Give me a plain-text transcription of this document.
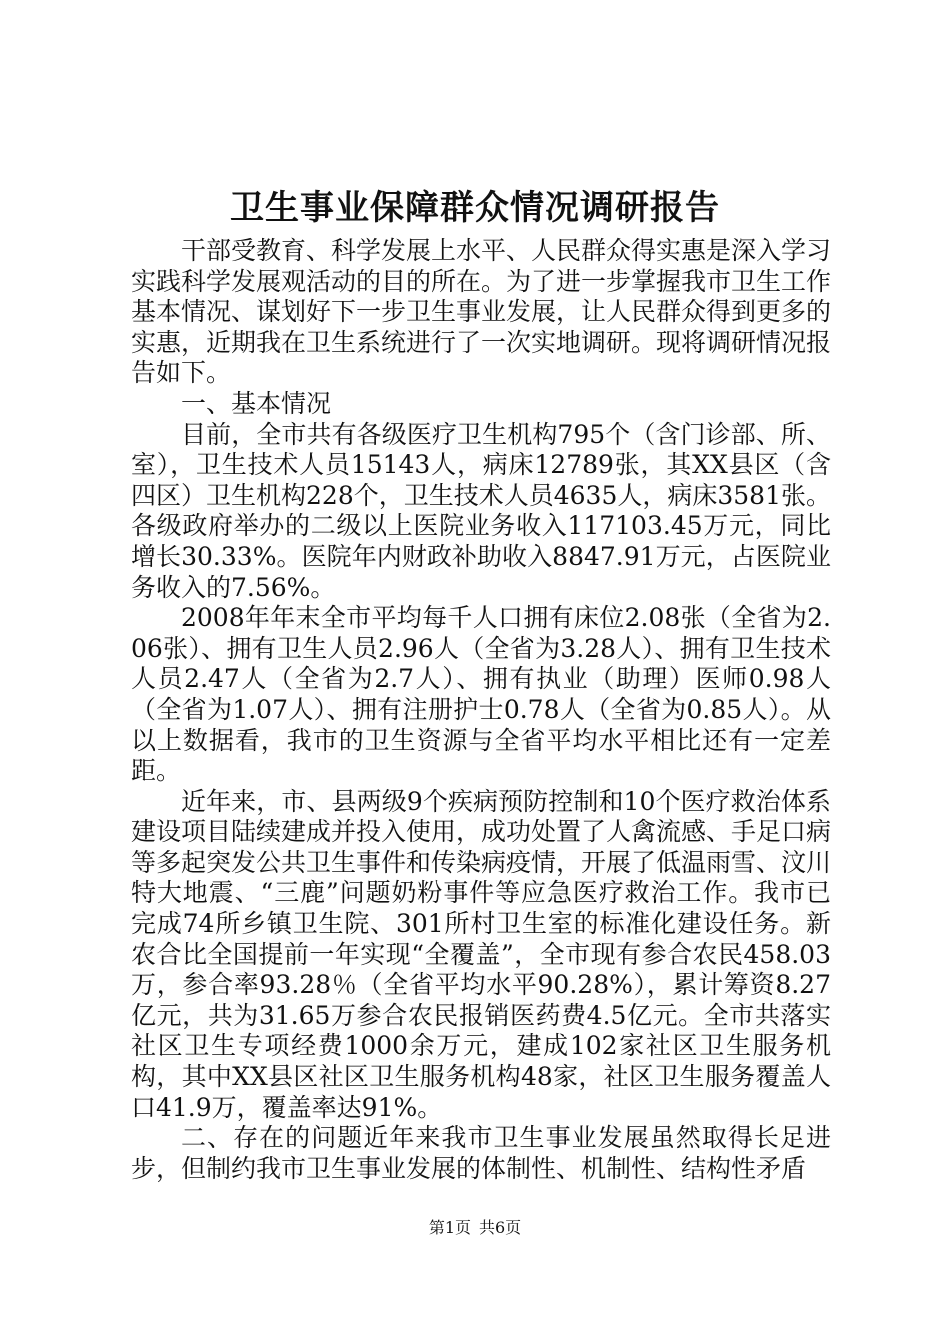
卫生事业保障群众情况调研报告

干部受教育、科学发展上水平、人民群众得实惠是深入学习实践科学发展观活动的目的所在。为了进一步掌握我市卫生工作基本情况、谋划好下一步卫生事业发展，让人民群众得到更多的实惠，近期我在卫生系统进行了一次实地调研。现将调研情况报告如下。

一、基本情况

目前，全市共有各级医疗卫生机构795个（含门诊部、所、室），卫生技术人员15143人，病床12789张，其XX县区（含四区）卫生机构228个，卫生技术人员4635人，病床3581张。各级政府举办的二级以上医院业务收入117103.45万元，同比增长30.33%。医院年内财政补助收入8847.91万元，占医院业务收入的7.56%。

2008年年末全市平均每千人口拥有床位2.08张（全省为2.06张）、拥有卫生人员2.96人（全省为3.28人）、拥有卫生技术人员2.47人（全省为2.7人）、拥有执业（助理）医师0.98人（全省为1.07人）、拥有注册护士0.78人（全省为0.85人）。从以上数据看，我市的卫生资源与全省平均水平相比还有一定差距。

近年来，市、县两级9个疾病预防控制和10个医疗救治体系建设项目陆续建成并投入使用，成功处置了人禽流感、手足口病等多起突发公共卫生事件和传染病疫情，开展了低温雨雪、汶川特大地震、“三鹿”问题奶粉事件等应急医疗救治工作。我市已完成74所乡镇卫生院、301所村卫生室的标准化建设任务。新农合比全国提前一年实现“全覆盖”，全市现有参合农民458.03万，参合率93.28％（全省平均水平90.28%），累计筹资8.27亿元，共为31.65万参合农民报销医药费4.5亿元。全市共落实社区卫生专项经费1000余万元，建成102家社区卫生服务机构，其中XX县区社区卫生服务机构48家，社区卫生服务覆盖人口41.9万，覆盖率达91%。

二、存在的问题近年来我市卫生事业发展虽然取得长足进步，但制约我市卫生事业发展的体制性、机制性、结构性矛盾

第1页 共6页
